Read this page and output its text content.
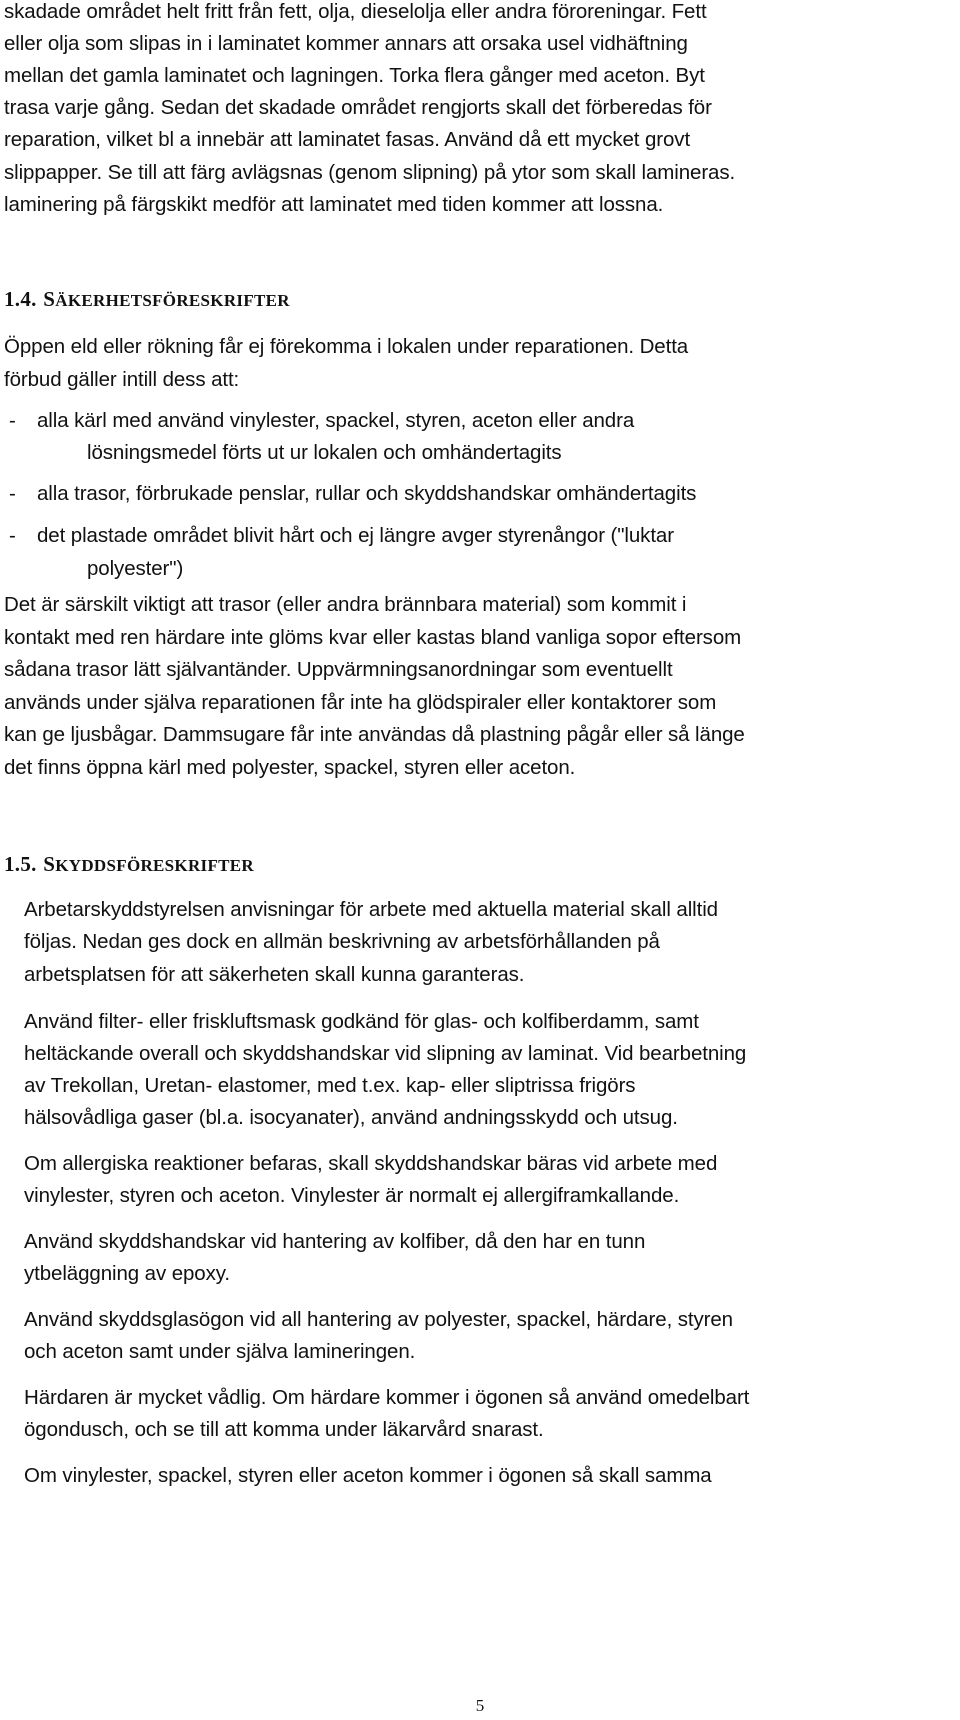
skadade området helt fritt från fett, olja, dieselolja eller andra föroreningar. Fett
eller olja som slipas in i laminatet kommer annars att orsaka usel vidhäftning
mellan det gamla laminatet och lagningen. Torka flera gånger med aceton. Byt
trasa varje gång. Sedan det skadade området rengjorts skall det förberedas för
reparation, vilket bl a innebär att laminatet fasas. Använd då ett mycket grovt
slippapper. Se till att färg avlägsnas (genom slipning) på ytor som skall lamineras.
laminering på färgskikt medför att laminatet med tiden kommer att lossna.
1.4. SÄKERHETSFÖRESKRIFTER
Öppen eld eller rökning får ej förekomma i lokalen under reparationen. Detta
förbud gäller intill dess att:
- alla kärl med använd vinylester, spackel, styren, aceton eller andra
lösningsmedel förts ut ur lokalen och omhändertagits
- alla trasor, förbrukade penslar, rullar och skyddshandskar omhändertagits
- det plastade området blivit hårt och ej längre avger styrenångor ("luktar
polyester")
Det är särskilt viktigt att trasor (eller andra brännbara material) som kommit i
kontakt med ren härdare inte glöms kvar eller kastas bland vanliga sopor eftersom
sådana trasor lätt självantänder. Uppvärmningsanordningar som eventuellt
används under själva reparationen får inte ha glödspiraler eller kontaktorer som
kan ge ljusbågar. Dammsugare får inte användas då plastning pågår eller så länge
det finns öppna kärl med polyester, spackel, styren eller aceton.
1.5. SKYDDSFÖRESKRIFTER
Arbetarskyddstyrelsen anvisningar för arbete med aktuella material skall alltid
följas. Nedan ges dock en allmän beskrivning av arbetsförhållanden på
arbetsplatsen för att säkerheten skall kunna garanteras.
Använd filter- eller friskluftsmask godkänd för glas- och kolfiberdamm, samt
heltäckande overall och skyddshandskar vid slipning av laminat. Vid bearbetning
av Trekollan, Uretan- elastomer, med t.ex. kap- eller sliptrissa frigörs
hälsovådliga gaser (bl.a. isocyanater), använd andningsskydd och utsug.
Om allergiska reaktioner befaras, skall skyddshandskar bäras vid arbete med
vinylester, styren och aceton. Vinylester är normalt ej allergiframkallande.
Använd skyddshandskar vid hantering av kolfiber, då den har en tunn
ytbeläggning av epoxy.
Använd skyddsglasögon vid all hantering av polyester, spackel, härdare, styren
och aceton samt under själva lamineringen.
Härdaren är mycket vådlig. Om härdare kommer i ögonen så använd omedelbart
ögondusch, och se till att komma under läkarvård snarast.
Om vinylester, spackel, styren eller aceton kommer i ögonen så skall samma
5
